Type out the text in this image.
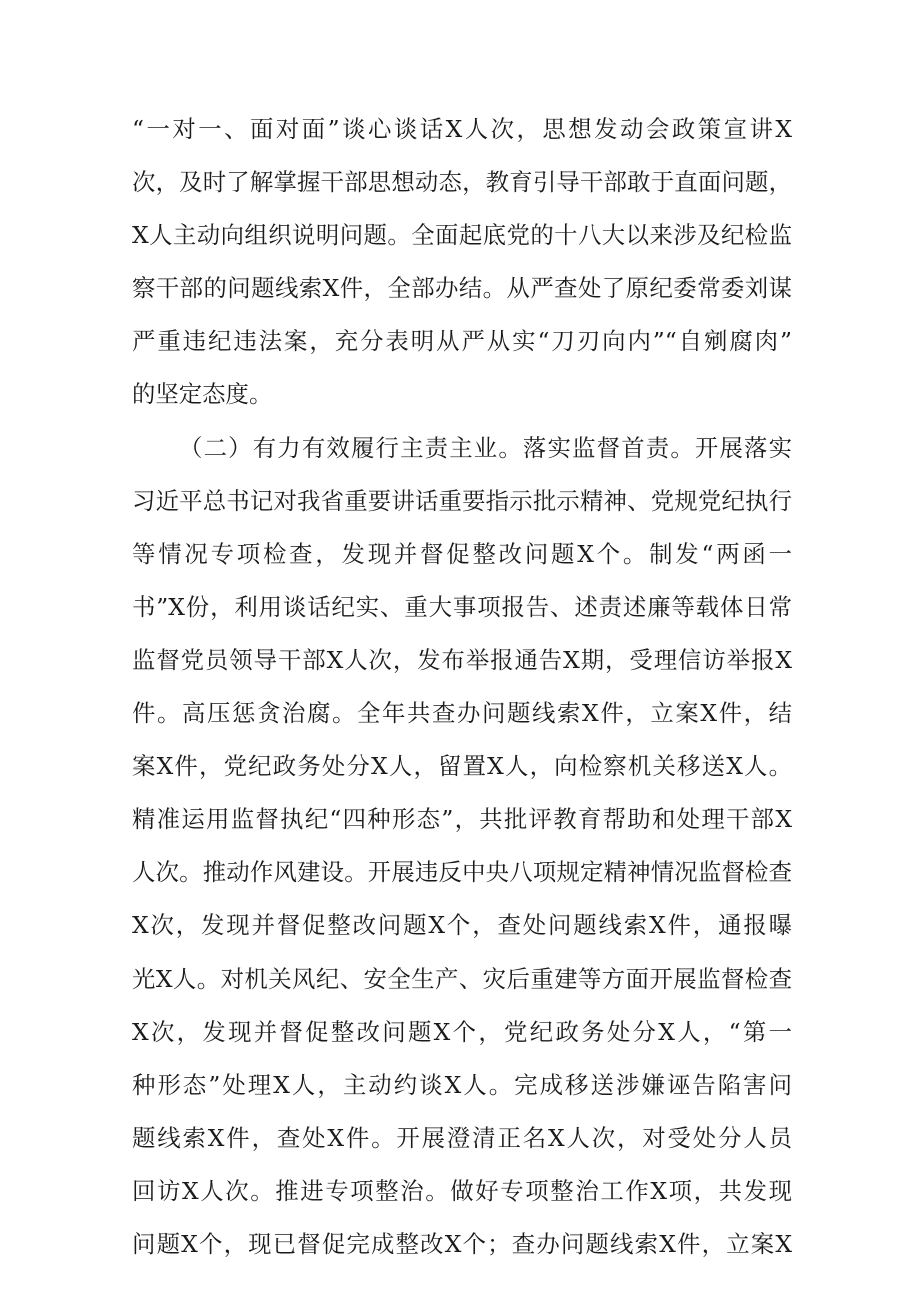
“一对一、面对面”谈心谈话X人次，思想发动会政策宣讲X
次，及时了解掌握干部思想动态，教育引导干部敢于直面问题，
X人主动向组织说明问题。全面起底党的十八大以来涉及纪检监
察干部的问题线索X件，全部办结。从严查处了原纪委常委刘谋
严重违纪违法案，充分表明从严从实“刀刃向内”“自剜腐肉”
的坚定态度。
（二）有力有效履行主责主业。落实监督首责。开展落实
习近平总书记对我省重要讲话重要指示批示精神、党规党纪执行
等情况专项检查，发现并督促整改问题X个。制发“两函一
书”X份，利用谈话纪实、重大事项报告、述责述廉等载体日常
监督党员领导干部X人次，发布举报通告X期，受理信访举报X
件。高压惩贪治腐。全年共查办问题线索X件，立案X件，结
案X件，党纪政务处分X人，留置X人，向检察机关移送X人。
精准运用监督执纪“四种形态”，共批评教育帮助和处理干部X
人次。推动作风建设。开展违反中央八项规定精神情况监督检查
X次，发现并督促整改问题X个，查处问题线索X件，通报曝
光X人。对机关风纪、安全生产、灾后重建等方面开展监督检查
X次，发现并督促整改问题X个，党纪政务处分X人，“第一
种形态”处理X人，主动约谈X人。完成移送涉嫌诬告陷害问
题线索X件，查处X件。开展澄清正名X人次，对受处分人员
回访X人次。推进专项整治。做好专项整治工作X项，共发现
问题X个，现已督促完成整改X个；查办问题线索X件，立案X
